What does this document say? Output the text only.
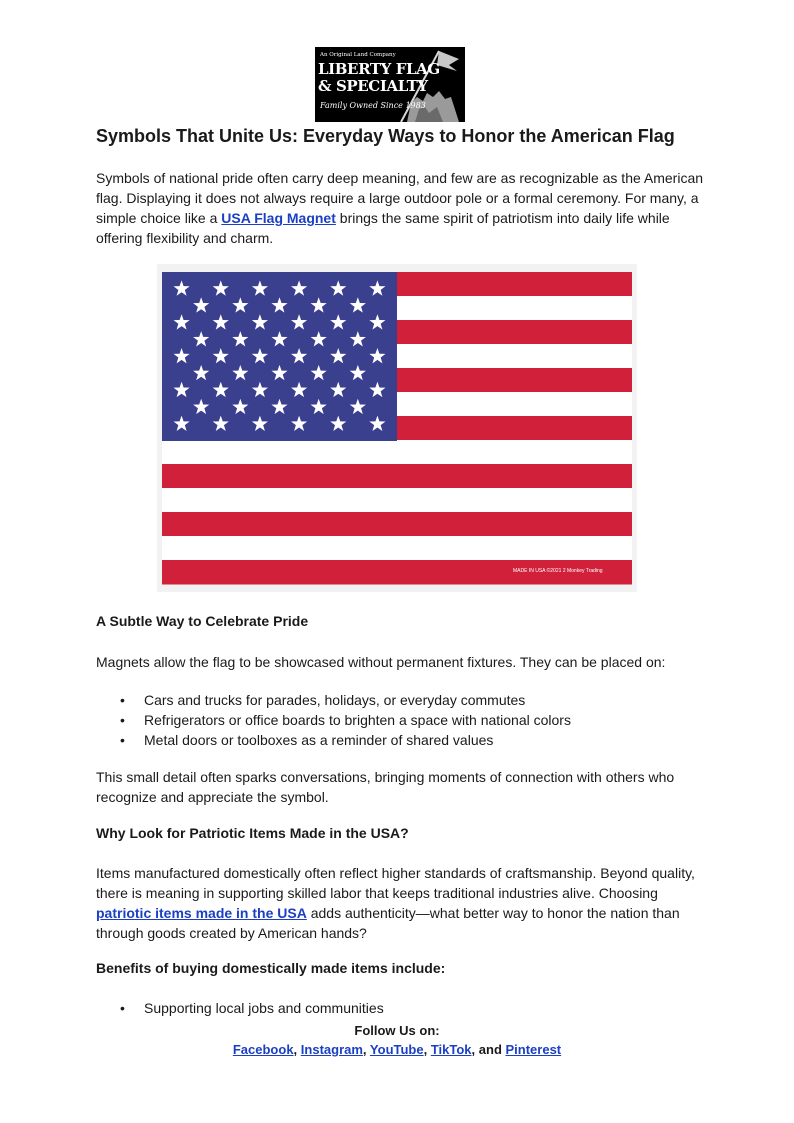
An Original Land Company
LIBERTY FLAG
& SPECIALTY
Family Owned Since 1983
Symbols That Unite Us: Everyday Ways to Honor the American Flag

Symbols of national pride often carry deep meaning, and few are as recognizable as the American flag. Displaying it does not always require a large outdoor pole or a formal ceremony. For many, a simple choice like a USA Flag Magnet brings the same spirit of patriotism into daily life while offering flexibility and charm.

MADE IN USA ©2021 2 Monkey Trading
A Subtle Way to Celebrate Pride

Magnets allow the flag to be showcased without permanent fixtures. They can be placed on:

• Cars and trucks for parades, holidays, or everyday commutes
• Refrigerators or office boards to brighten a space with national colors
• Metal doors or toolboxes as a reminder of shared values

This small detail often sparks conversations, bringing moments of connection with others who recognize and appreciate the symbol.

Why Look for Patriotic Items Made in the USA?

Items manufactured domestically often reflect higher standards of craftsmanship. Beyond quality, there is meaning in supporting skilled labor that keeps traditional industries alive. Choosing patriotic items made in the USA adds authenticity—what better way to honor the nation than through goods created by American hands?

Benefits of buying domestically made items include:
• Supporting local jobs and communities
Follow Us on:
Facebook, Instagram, YouTube, TikTok, and Pinterest
